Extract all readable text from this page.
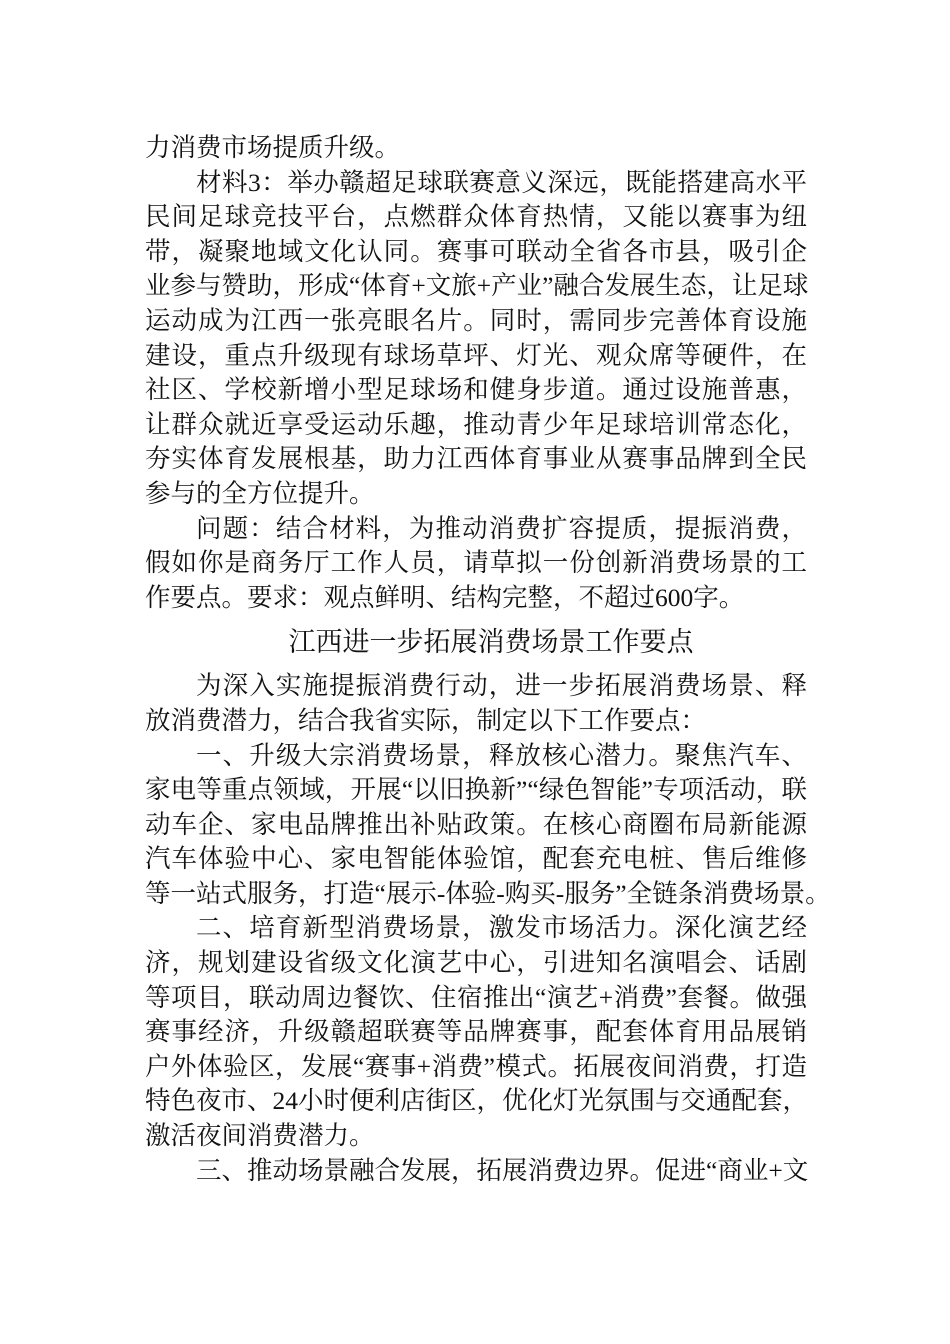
力消费市场提质升级。
材料3：举办赣超足球联赛意义深远，既能搭建高水平
民间足球竞技平台，点燃群众体育热情，又能以赛事为纽
带，凝聚地域文化认同。赛事可联动全省各市县，吸引企
业参与赞助，形成“体育+文旅+产业”融合发展生态，让足球
运动成为江西一张亮眼名片。同时，需同步完善体育设施
建设，重点升级现有球场草坪、灯光、观众席等硬件，在
社区、学校新增小型足球场和健身步道。通过设施普惠，
让群众就近享受运动乐趣，推动青少年足球培训常态化，
夯实体育发展根基，助力江西体育事业从赛事品牌到全民
参与的全方位提升。
问题：结合材料，为推动消费扩容提质，提振消费，
假如你是商务厅工作人员，请草拟一份创新消费场景的工
作要点。要求：观点鲜明、结构完整，不超过600字。
江西进一步拓展消费场景工作要点
为深入实施提振消费行动，进一步拓展消费场景、释
放消费潜力，结合我省实际，制定以下工作要点：
一、升级大宗消费场景，释放核心潜力。聚焦汽车、
家电等重点领域，开展“以旧换新”“绿色智能”专项活动，联
动车企、家电品牌推出补贴政策。在核心商圈布局新能源
汽车体验中心、家电智能体验馆，配套充电桩、售后维修
等一站式服务，打造“展示-体验-购买-服务”全链条消费场景。
二、培育新型消费场景，激发市场活力。深化演艺经
济，规划建设省级文化演艺中心，引进知名演唱会、话剧
等项目，联动周边餐饮、住宿推出“演艺+消费”套餐。做强
赛事经济，升级赣超联赛等品牌赛事，配套体育用品展销
户外体验区，发展“赛事+消费”模式。拓展夜间消费，打造
特色夜市、24小时便利店街区，优化灯光氛围与交通配套，
激活夜间消费潜力。
三、推动场景融合发展，拓展消费边界。促进“商业+文
